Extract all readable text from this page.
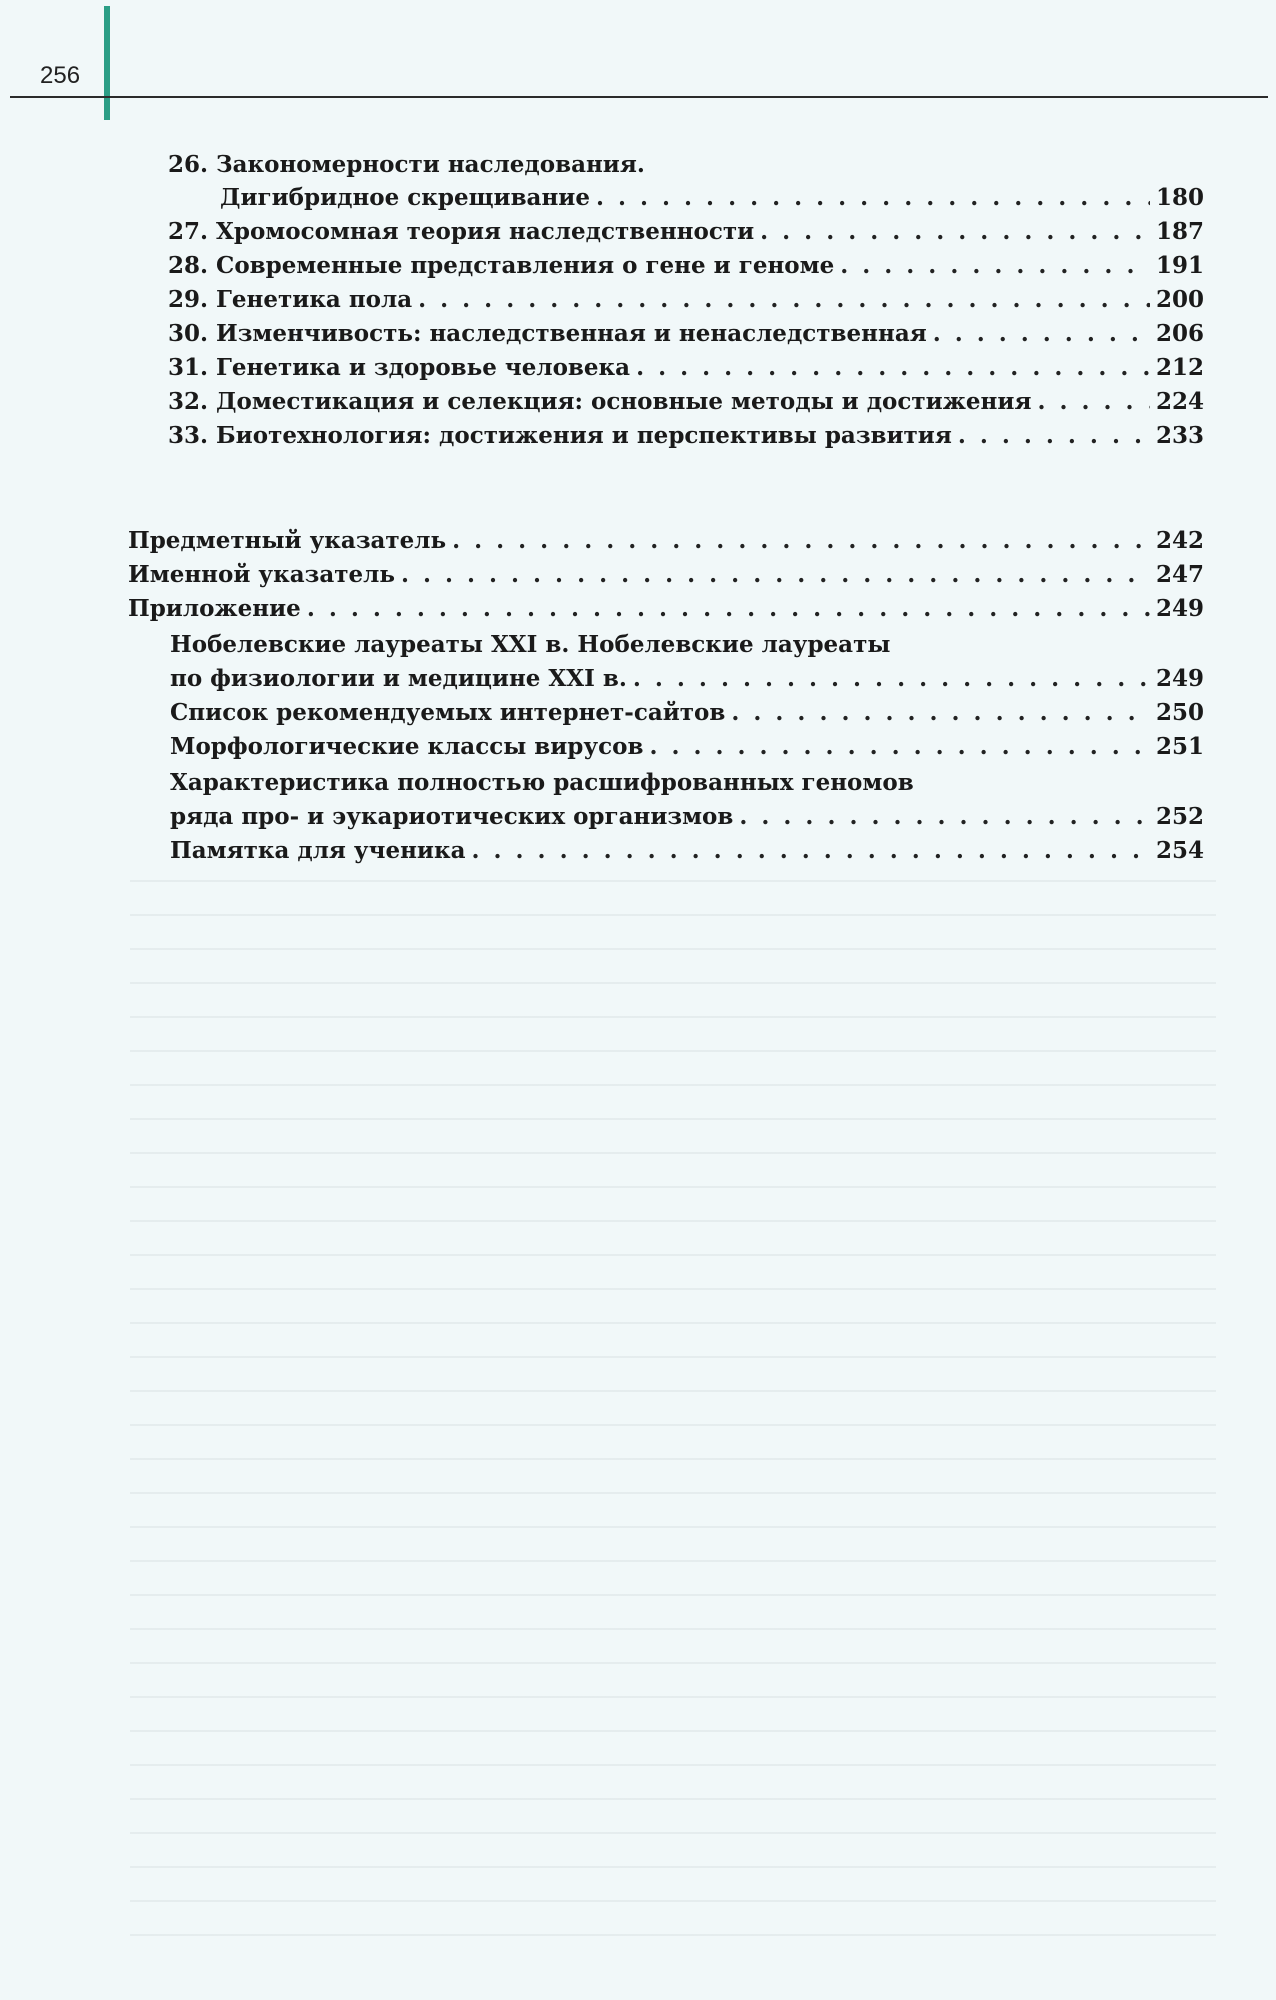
256
26. Закономерности наследования.
Дигибридное скрещивание . . .	180
27. Хромосомная теория наследственности . . .	187
28. Современные представления о гене и геноме . . .	191
29. Генетика пола . . .	200
30. Изменчивость: наследственная и ненаследственная . . .	206
31. Генетика и здоровье человека . . .	212
32. Доместикация и селекция: основные методы и достижения . . .	224
33. Биотехнология: достижения и перспективы развития . . .	233
Предметный указатель . . .	242
Именной указатель . . .	247
Приложение . . .	249
Нобелевские лауреаты XXI в. Нобелевские лауреаты
по физиологии и медицине XXI в. . . .	249
Список рекомендуемых интернет-сайтов . . .	250
Морфологические классы вирусов . . .	251
Характеристика полностью расшифрованных геномов
ряда про- и эукариотических организмов . . .	252
Памятка для ученика . . .	254
